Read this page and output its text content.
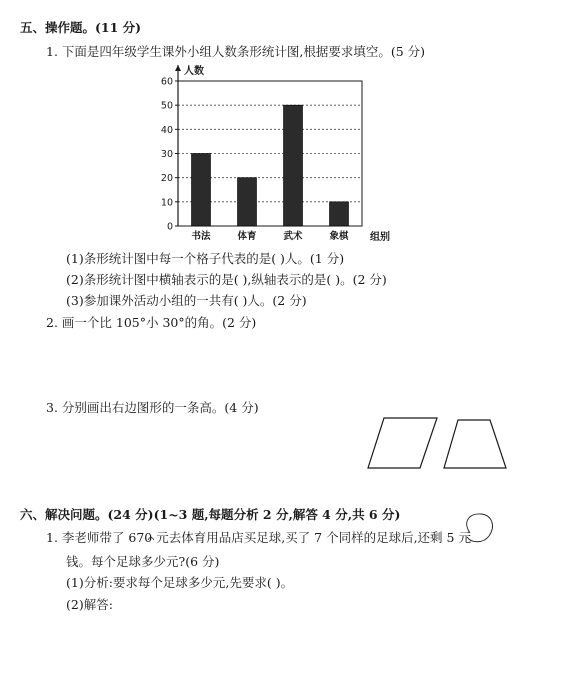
五、操作题。(11 分)
1. 下面是四年级学生课外小组人数条形统计图,根据要求填空。(5 分)
0
10
20
30
40
50
60
人数
组别
书法	体育	武术	象棋
(1)条形统计图中每一个格子代表的是( )人。(1 分)
(2)条形统计图中横轴表示的是( ),纵轴表示的是( )。(2 分)
(3)参加课外活动小组的一共有( )人。(2 分)
2. 画一个比 105°小 30°的角。(2 分)
3. 分别画出右边图形的一条高。(4 分)
六、解决问题。(24 分)(1~3 题,每题分析 2 分,解答 4 分,共 6 分)
1. 李老师带了 670 元去体育用品店买足球,买了 7 个同样的足球后,还剩 5 元
钱。每个足球多少元?(6 分)
(1)分析:要求每个足球多少元,先要求( )。
(2)解答:
